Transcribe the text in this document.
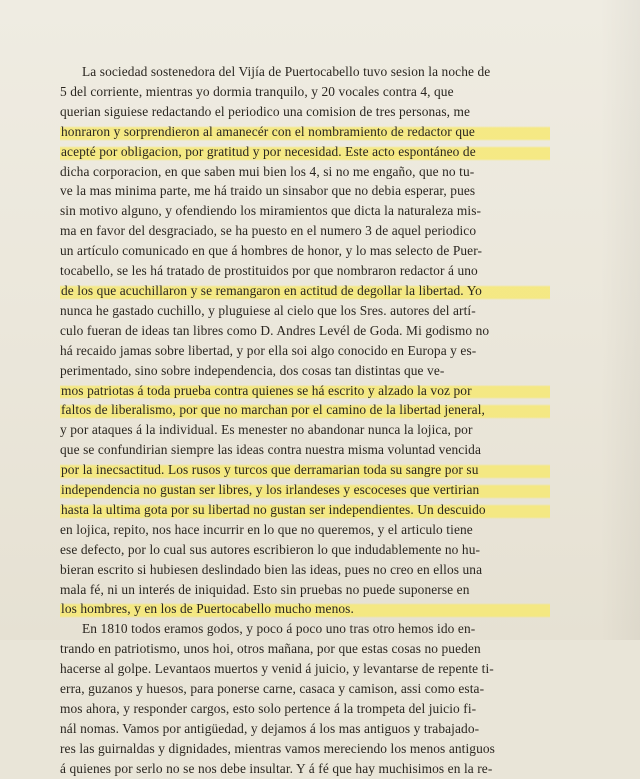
La sociedad sostenedora del Vijía de Puertocabello tuvo sesion la noche de
5 del corriente, mientras yo dormia tranquilo, y 20 vocales contra 4, que
querian siguiese redactando el periodico una comision de tres personas, me
honraron y sorprendieron al amanecér con el nombramiento de redactor que
acepté por obligacion, por gratitud y por necesidad. Este acto espontáneo de
dicha corporacion, en que saben mui bien los 4, si no me engaño, que no tu-
ve la mas minima parte, me há traido un sinsabor que no debia esperar, pues
sin motivo alguno, y ofendiendo los miramientos que dicta la naturaleza mis-
ma en favor del desgraciado, se ha puesto en el numero 3 de aquel periodico
un artículo comunicado en que á hombres de honor, y lo mas selecto de Puer-
tocabello, se les há tratado de prostituidos por que nombraron redactor á uno
de los que acuchillaron y se remangaron en actitud de degollar la libertad. Yo
nunca he gastado cuchillo, y pluguiese al cielo que los Sres. autores del artí-
culo fueran de ideas tan libres como D. Andres Levél de Goda. Mi godismo no
há recaido jamas sobre libertad, y por ella soi algo conocido en Europa y es-
perimentado, sino sobre independencia, dos cosas tan distintas que ve-
mos patriotas á toda prueba contra quienes se há escrito y alzado la voz por
faltos de liberalismo, por que no marchan por el camino de la libertad jeneral,
y por ataques á la individual. Es menester no abandonar nunca la lojica, por
que se confundirian siempre las ideas contra nuestra misma voluntad vencida
por la inecsactitud. Los rusos y turcos que derramarian toda su sangre por su
independencia no gustan ser libres, y los irlandeses y escoceses que vertirian
hasta la ultima gota por su libertad no gustan ser independientes. Un descuido
en lojica, repito, nos hace incurrir en lo que no queremos, y el articulo tiene
ese defecto, por lo cual sus autores escribieron lo que indudablemente no hu-
bieran escrito si hubiesen deslindado bien las ideas, pues no creo en ellos una
mala fé, ni un interés de iniquidad. Esto sin pruebas no puede suponerse en
los hombres, y en los de Puertocabello mucho menos.

En 1810 todos eramos godos, y poco á poco uno tras otro hemos ido en-
trando en patriotismo, unos hoi, otros mañana, por que estas cosas no pueden
hacerse al golpe. Levantaos muertos y venid á juicio, y levantarse de repente ti-
erra, guzanos y huesos, para ponerse carne, casaca y camison, assi como esta-
mos ahora, y responder cargos, esto solo pertence á la trompeta del juicio fi-
nál nomas. Vamos por antigüedad, y dejamos á los mas antiguos y trabajado-
res las guirnaldas y dignidades, mientras vamos mereciendo los menos antiguos
á quienes por serlo no se nos debe insultar. Y á fé que hay muchisimos en la re-
